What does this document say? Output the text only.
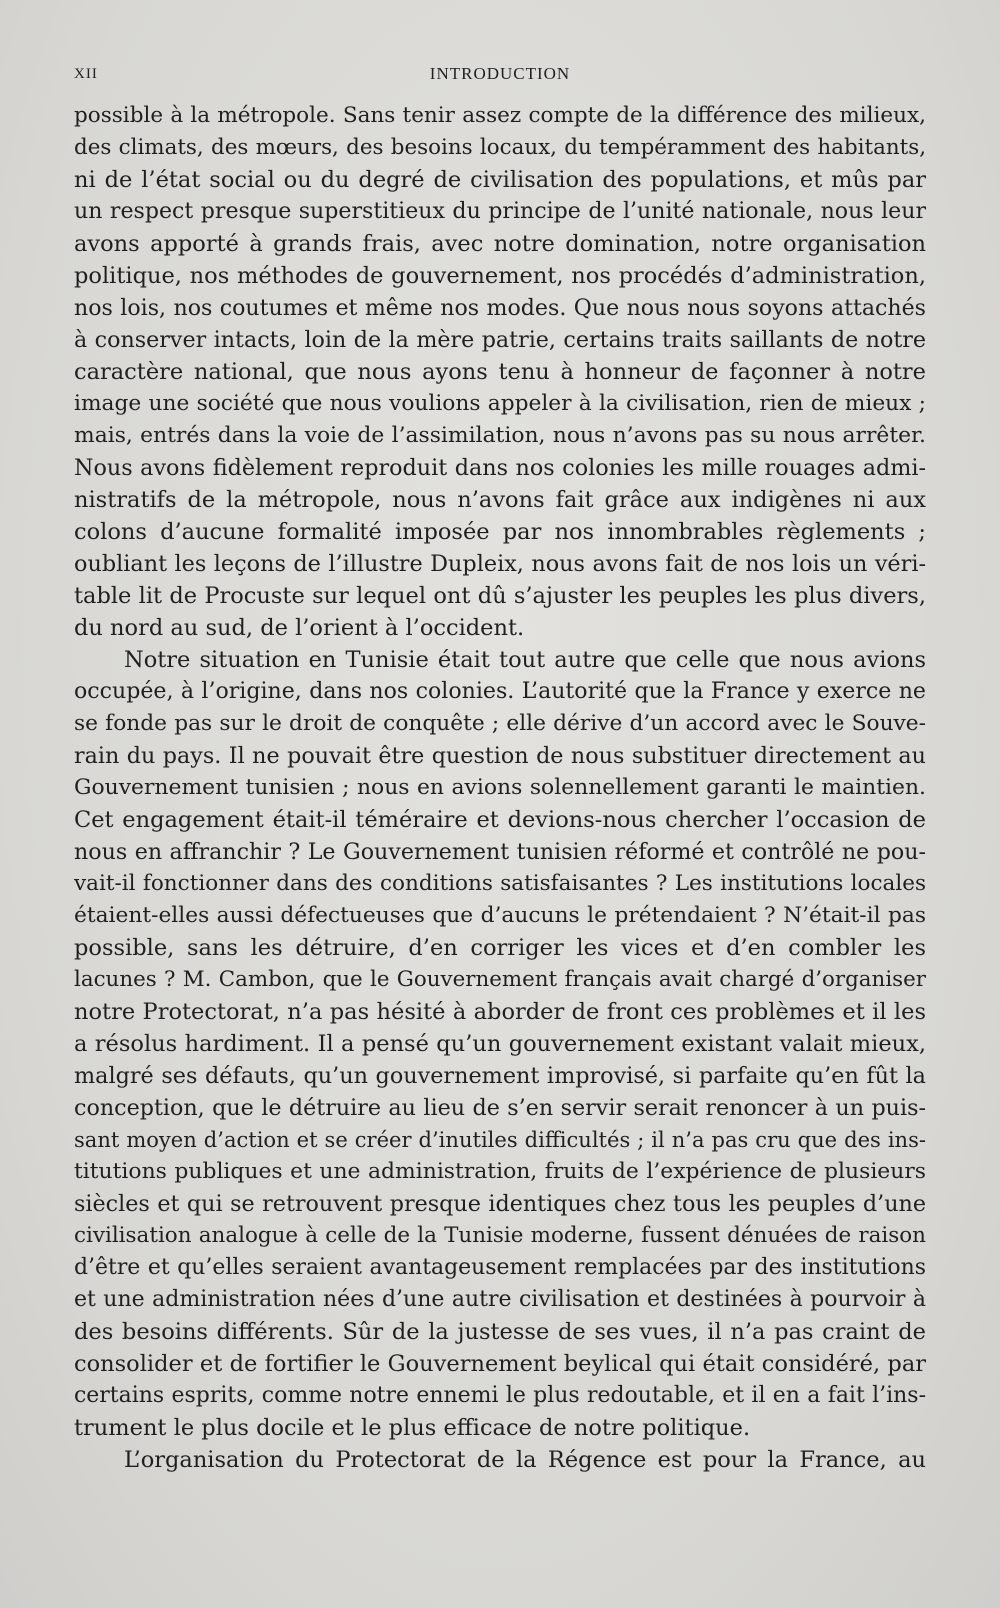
XII	INTRODUCTION
possible à la métropole. Sans tenir assez compte de la différence des milieux,
des climats, des mœurs, des besoins locaux, du tempéramment des habitants,
ni de l’état social ou du degré de civilisation des populations, et mûs par
un respect presque superstitieux du principe de l’unité nationale, nous leur
avons apporté à grands frais, avec notre domination, notre organisation
politique, nos méthodes de gouvernement, nos procédés d’administration,
nos lois, nos coutumes et même nos modes. Que nous nous soyons attachés
à conserver intacts, loin de la mère patrie, certains traits saillants de notre
caractère national, que nous ayons tenu à honneur de façonner à notre
image une société que nous voulions appeler à la civilisation, rien de mieux ;
mais, entrés dans la voie de l’assimilation, nous n’avons pas su nous arrêter.
Nous avons fidèlement reproduit dans nos colonies les mille rouages admi-
nistratifs de la métropole, nous n’avons fait grâce aux indigènes ni aux
colons d’aucune formalité imposée par nos innombrables règlements ;
oubliant les leçons de l’illustre Dupleix, nous avons fait de nos lois un véri-
table lit de Procuste sur lequel ont dû s’ajuster les peuples les plus divers,
du nord au sud, de l’orient à l’occident.
Notre situation en Tunisie était tout autre que celle que nous avions
occupée, à l’origine, dans nos colonies. L’autorité que la France y exerce ne
se fonde pas sur le droit de conquête ; elle dérive d’un accord avec le Souve-
rain du pays. Il ne pouvait être question de nous substituer directement au
Gouvernement tunisien ; nous en avions solennellement garanti le maintien.
Cet engagement était-il téméraire et devions-nous chercher l’occasion de
nous en affranchir ? Le Gouvernement tunisien réformé et contrôlé ne pou-
vait-il fonctionner dans des conditions satisfaisantes ? Les institutions locales
étaient-elles aussi défectueuses que d’aucuns le prétendaient ? N’était-il pas
possible, sans les détruire, d’en corriger les vices et d’en combler les
lacunes ? M. Cambon, que le Gouvernement français avait chargé d’organiser
notre Protectorat, n’a pas hésité à aborder de front ces problèmes et il les
a résolus hardiment. Il a pensé qu’un gouvernement existant valait mieux,
malgré ses défauts, qu’un gouvernement improvisé, si parfaite qu’en fût la
conception, que le détruire au lieu de s’en servir serait renoncer à un puis-
sant moyen d’action et se créer d’inutiles difficultés ; il n’a pas cru que des ins-
titutions publiques et une administration, fruits de l’expérience de plusieurs
siècles et qui se retrouvent presque identiques chez tous les peuples d’une
civilisation analogue à celle de la Tunisie moderne, fussent dénuées de raison
d’être et qu’elles seraient avantageusement remplacées par des institutions
et une administration nées d’une autre civilisation et destinées à pourvoir à
des besoins différents. Sûr de la justesse de ses vues, il n’a pas craint de
consolider et de fortifier le Gouvernement beylical qui était considéré, par
certains esprits, comme notre ennemi le plus redoutable, et il en a fait l’ins-
trument le plus docile et le plus efficace de notre politique.
L’organisation du Protectorat de la Régence est pour la France, au
